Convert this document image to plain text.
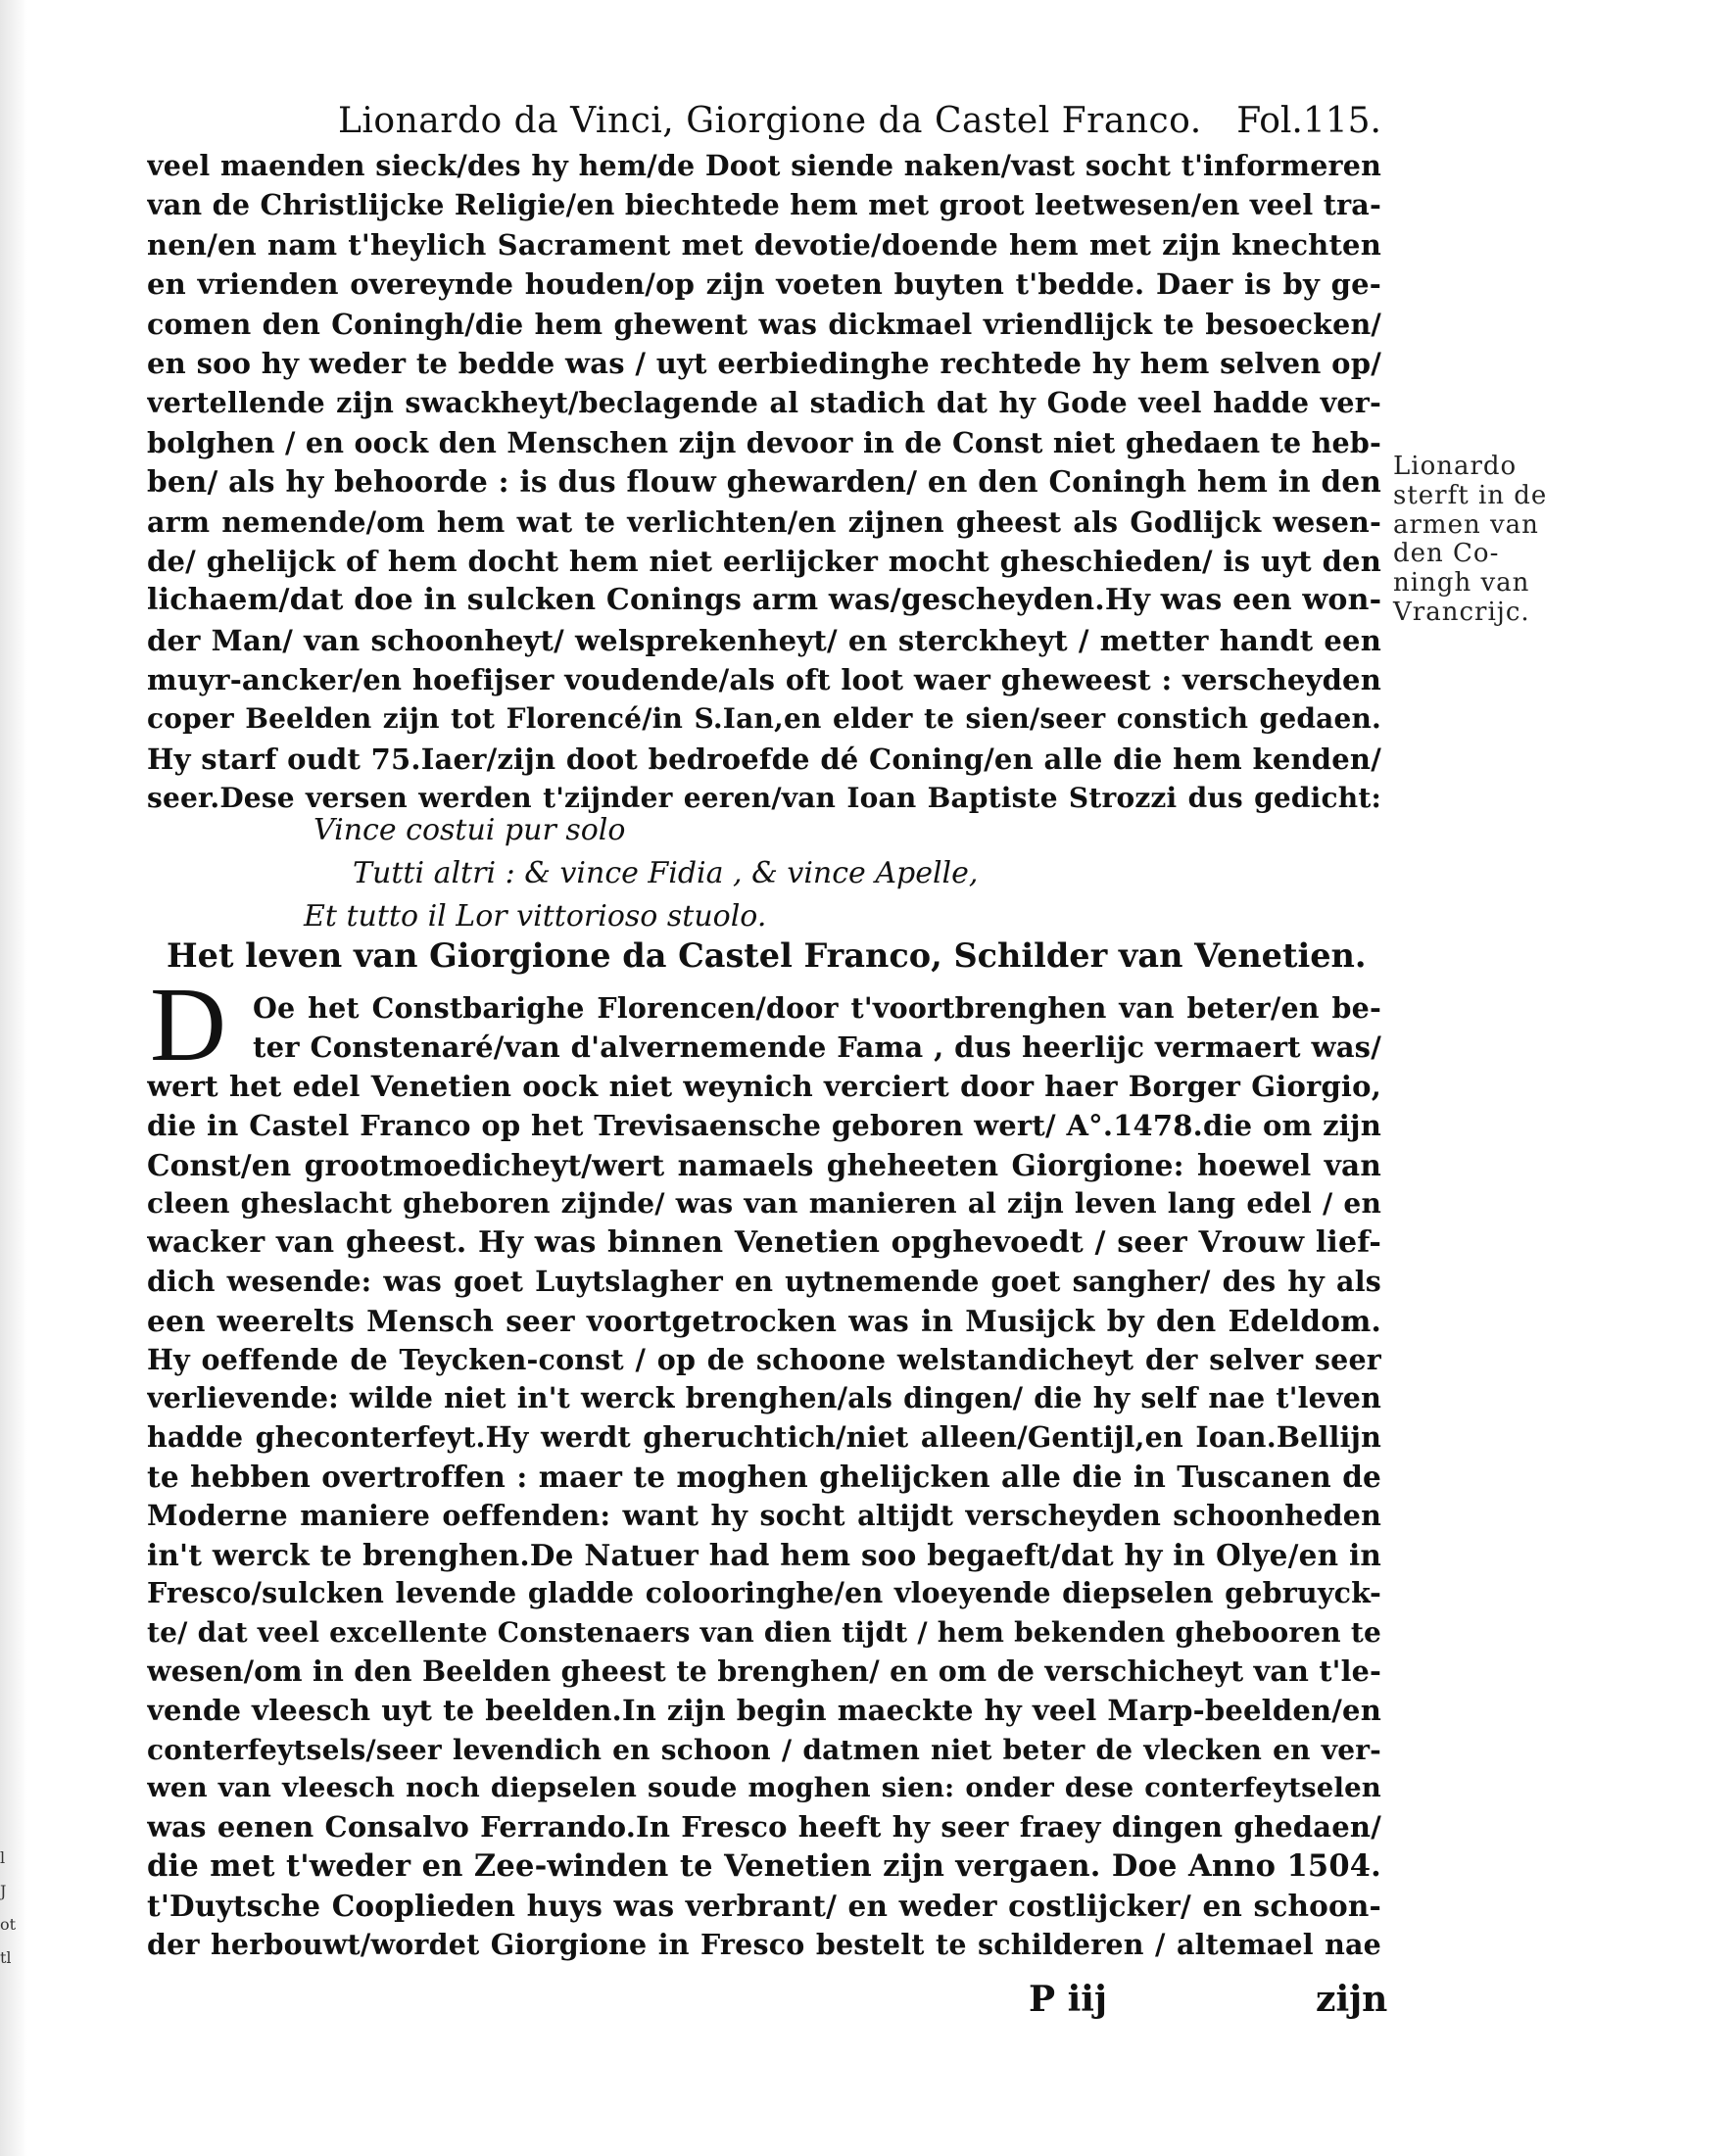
Lionardo da Vinci, Giorgione da Castel Franco. Fol.115.
veel maenden sieck/des hy hem/de Doot siende naken/vast socht t'informeren
van de Christlijcke Religie/en biechtede hem met groot leetwesen/en veel tra-
nen/en nam t'heylich Sacrament met devotie/doende hem met zijn knechten
en vrienden overeynde houden/op zijn voeten buyten t'bedde. Daer is by ge-
comen den Coningh/die hem ghewent was dickmael vriendlijck te besoecken/
en soo hy weder te bedde was / uyt eerbiedinghe rechtede hy hem selven op/
vertellende zijn swackheyt/beclagende al stadich dat hy Gode veel hadde ver-
bolghen / en oock den Menschen zijn devoor in de Const niet ghedaen te heb-
ben/ als hy behoorde : is dus flouw ghewarden/ en den Coningh hem in den
arm nemende/om hem wat te verlichten/en zijnen gheest als Godlijck wesen-
de/ ghelijck of hem docht hem niet eerlijcker mocht gheschieden/ is uyt den
lichaem/dat doe in sulcken Conings arm was/gescheyden.Hy was een won-
der Man/ van schoonheyt/ welsprekenheyt/ en sterckheyt / metter handt een
muyr-ancker/en hoefijser voudende/als oft loot waer gheweest : verscheyden
coper Beelden zijn tot Florencé/in S.Ian,en elder te sien/seer constich gedaen.
Hy starf oudt 75.Iaer/zijn doot bedroefde dé Coning/en alle die hem kenden/
seer.Dese versen werden t'zijnder eeren/van Ioan Baptiste Strozzi dus gedicht:
Lionardo
sterft in de
armen van
den Co-
ningh van
Vrancrijc.
Vince costui pur solo
Tutti altri : & vince Fidia , & vince Apelle,
Et tutto il Lor vittorioso stuolo.
Het leven van Giorgione da Castel Franco, Schilder van Venetien.
D Oe het Constbarighe Florencen/door t'voortbrenghen van beter/en be-
ter Constenaré/van d'alvernemende Fama , dus heerlijc vermaert was/
wert het edel Venetien oock niet weynich verciert door haer Borger Giorgio,
die in Castel Franco op het Trevisaensche geboren wert/ A°.1478.die om zijn
Const/en grootmoedicheyt/wert namaels gheheeten Giorgione: hoewel van
cleen gheslacht gheboren zijnde/ was van manieren al zijn leven lang edel / en
wacker van gheest. Hy was binnen Venetien opghevoedt / seer Vrouw lief-
dich wesende: was goet Luytslagher en uytnemende goet sangher/ des hy als
een weerelts Mensch seer voortgetrocken was in Musijck by den Edeldom.
Hy oeffende de Teycken-const / op de schoone welstandicheyt der selver seer
verlievende: wilde niet in't werck brenghen/als dingen/ die hy self nae t'leven
hadde gheconterfeyt.Hy werdt gheruchtich/niet alleen/Gentijl,en Ioan.Bellijn
te hebben overtroffen : maer te moghen ghelijcken alle die in Tuscanen de
Moderne maniere oeffenden: want hy socht altijdt verscheyden schoonheden
in't werck te brenghen.De Natuer had hem soo begaeft/dat hy in Olye/en in
Fresco/sulcken levende gladde colooringhe/en vloeyende diepselen gebruyck-
te/ dat veel excellente Constenaers van dien tijdt / hem bekenden ghebooren te
wesen/om in den Beelden gheest te brenghen/ en om de verschicheyt van t'le-
vende vleesch uyt te beelden.In zijn begin maeckte hy veel Marp-beelden/en
conterfeytsels/seer levendich en schoon / datmen niet beter de vlecken en ver-
wen van vleesch noch diepselen soude moghen sien: onder dese conterfeytselen
was eenen Consalvo Ferrando.In Fresco heeft hy seer fraey dingen ghedaen/
die met t'weder en Zee-winden te Venetien zijn vergaen. Doe Anno 1504.
t'Duytsche Cooplieden huys was verbrant/ en weder costlijcker/ en schoon-
der herbouwt/wordet Giorgione in Fresco bestelt te schilderen / altemael nae
P iij	zijn
l
J
ot
tl
